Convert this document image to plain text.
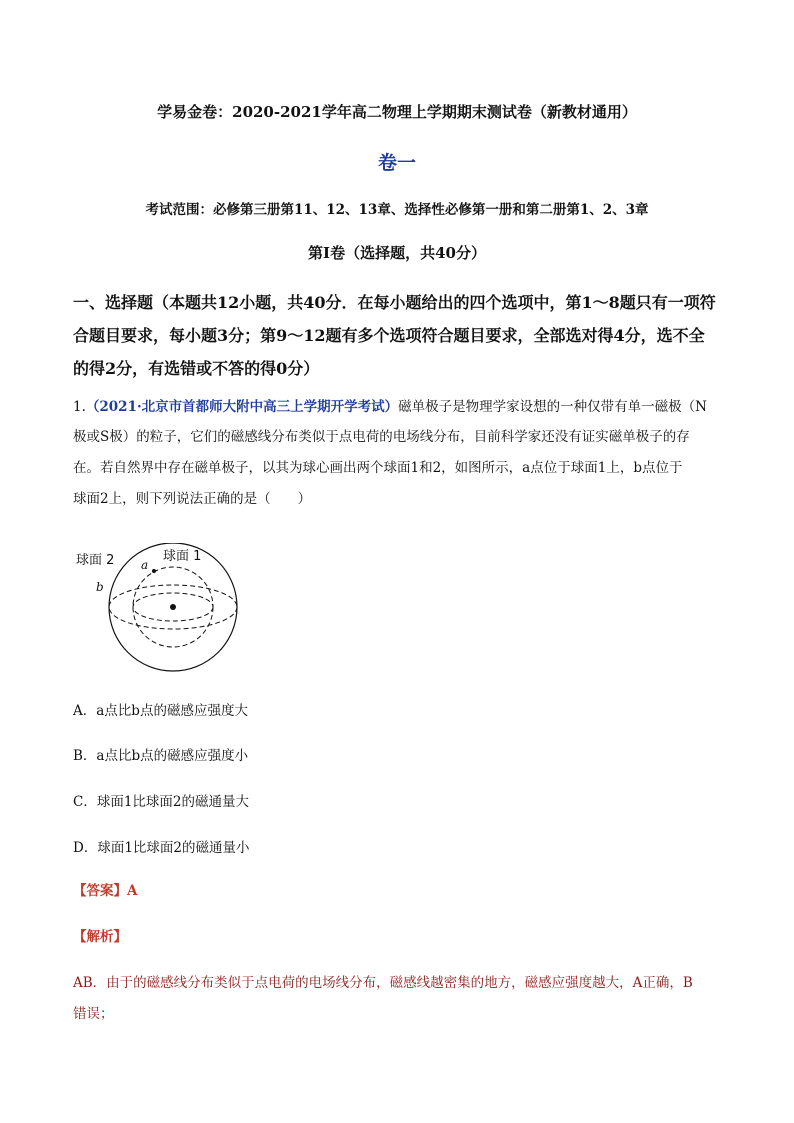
学易金卷：2020-2021学年高二物理上学期期末测试卷（新教材通用）
卷一
考试范围：必修第三册第11、12、13章、选择性必修第一册和第二册第1、2、3章
第Ⅰ卷（选择题，共40分）
一、选择题（本题共12小题，共40分．在每小题给出的四个选项中，第1～8题只有一项符
合题目要求，每小题3分；第9～12题有多个选项符合题目要求，全部选对得4分，选不全
的得2分，有选错或不答的得0分）
1.（2021·北京市首都师大附中高三上学期开学考试）磁单极子是物理学家设想的一种仅带有单一磁极（N
极或S极）的粒子，它们的磁感线分布类似于点电荷的电场线分布，目前科学家还没有证实磁单极子的存
在。若自然界中存在磁单极子，以其为球心画出两个球面1和2，如图所示，a点位于球面1上，b点位于
球面2上，则下列说法正确的是（　　）
球面 2	球面 1
a
b
A．a点比b点的磁感应强度大
B．a点比b点的磁感应强度小
C．球面1比球面2的磁通量大
D．球面1比球面2的磁通量小
【答案】A
【解析】
AB．由于的磁感线分布类似于点电荷的电场线分布，磁感线越密集的地方，磁感应强度越大，A正确，B
错误；
